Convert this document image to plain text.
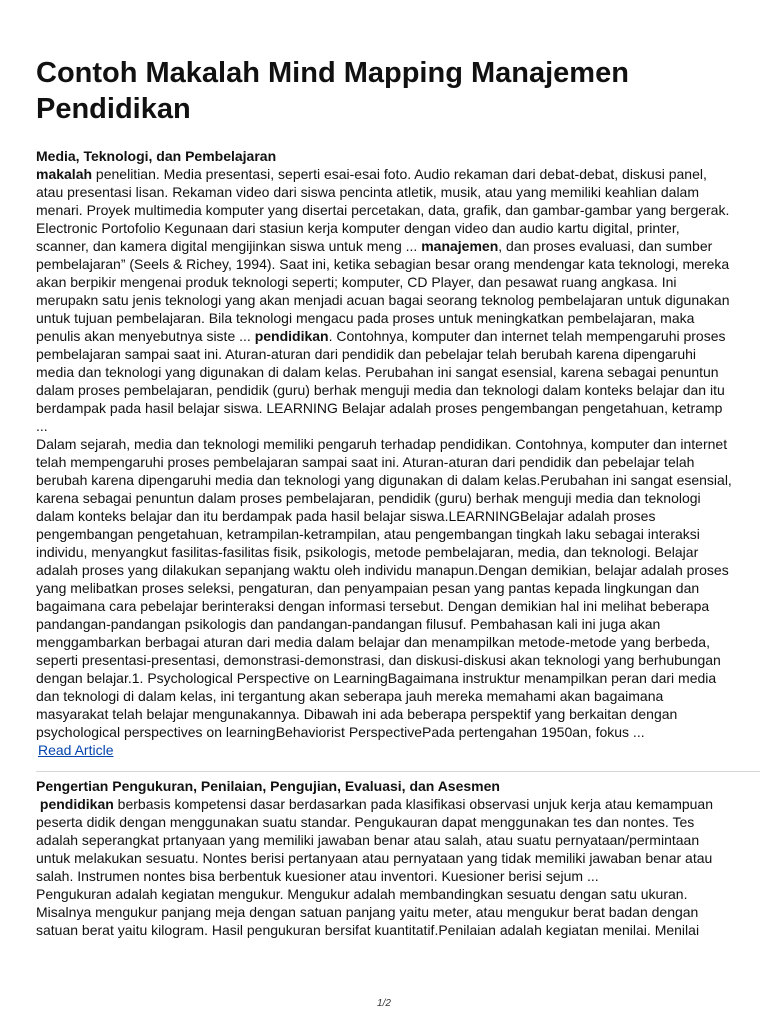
Contoh Makalah Mind Mapping Manajemen Pendidikan

Media, Teknologi, dan Pembelajaran

makalah penelitian. Media presentasi, seperti esai-esai foto. Audio rekaman dari debat-debat, diskusi panel, atau presentasi lisan. Rekaman video dari siswa pencinta atletik, musik, atau yang memiliki keahlian dalam menari. Proyek multimedia komputer yang disertai percetakan, data, grafik, dan gambar-gambar yang bergerak. Electronic Portofolio Kegunaan dari stasiun kerja komputer dengan video dan audio kartu digital, printer, scanner, dan kamera digital mengijinkan siswa untuk meng ... manajemen, dan proses evaluasi, dan sumber pembelajaran” (Seels & Richey, 1994). Saat ini, ketika sebagian besar orang mendengar kata teknologi, mereka akan berpikir mengenai produk teknologi seperti; komputer, CD Player, dan pesawat ruang angkasa. Ini merupakn satu jenis teknologi yang akan menjadi acuan bagai seorang teknolog pembelajaran untuk digunakan untuk tujuan pembelajaran. Bila teknologi mengacu pada proses untuk meningkatkan pembelajaran, maka penulis akan menyebutnya siste ... pendidikan. Contohnya, komputer dan internet telah mempengaruhi proses pembelajaran sampai saat ini. Aturan-aturan dari pendidik dan pebelajar telah berubah karena dipengaruhi media dan teknologi yang digunakan di dalam kelas. Perubahan ini sangat esensial, karena sebagai penuntun dalam proses pembelajaran, pendidik (guru) berhak menguji media dan teknologi dalam konteks belajar dan itu berdampak pada hasil belajar siswa. LEARNING Belajar adalah proses pengembangan pengetahuan, ketramp ...

Dalam sejarah, media dan teknologi memiliki pengaruh terhadap pendidikan. Contohnya, komputer dan internet telah mempengaruhi proses pembelajaran sampai saat ini. Aturan-aturan dari pendidik dan pebelajar telah berubah karena dipengaruhi media dan teknologi yang digunakan di dalam kelas.Perubahan ini sangat esensial, karena sebagai penuntun dalam proses pembelajaran, pendidik (guru) berhak menguji media dan teknologi dalam konteks belajar dan itu berdampak pada hasil belajar siswa.LEARNINGBelajar adalah proses pengembangan pengetahuan, ketrampilan-ketrampilan, atau pengembangan tingkah laku sebagai interaksi individu, menyangkut fasilitas-fasilitas fisik, psikologis, metode pembelajaran, media, dan teknologi. Belajar adalah proses yang dilakukan sepanjang waktu oleh individu manapun.Dengan demikian, belajar adalah proses yang melibatkan proses seleksi, pengaturan, dan penyampaian pesan yang pantas kepada lingkungan dan bagaimana cara pebelajar berinteraksi dengan informasi tersebut. Dengan demikian hal ini melihat beberapa pandangan-pandangan psikologis dan pandangan-pandangan filusuf. Pembahasan kali ini juga akan menggambarkan berbagai aturan dari media dalam belajar dan menampilkan metode-metode yang berbeda, seperti presentasi-presentasi, demonstrasi-demonstrasi, dan diskusi-diskusi akan teknologi yang berhubungan dengan belajar.1. Psychological Perspective on LearningBagaimana instruktur menampilkan peran dari media dan teknologi di dalam kelas, ini tergantung akan seberapa jauh mereka memahami akan bagaimana masyarakat telah belajar mengunakannya. Dibawah ini ada beberapa perspektif yang berkaitan dengan psychological perspectives on learningBehaviorist PerspectivePada pertengahan 1950an, fokus ...

Read Article

Pengertian Pengukuran, Penilaian, Pengujian, Evaluasi, dan Asesmen

pendidikan berbasis kompetensi dasar berdasarkan pada klasifikasi observasi unjuk kerja atau kemampuan peserta didik dengan menggunakan suatu standar. Pengukauran dapat menggunakan tes dan nontes. Tes adalah seperangkat prtanyaan yang memiliki jawaban benar atau salah, atau suatu pernyataan/permintaan untuk melakukan sesuatu. Nontes berisi pertanyaan atau pernyataan yang tidak memiliki jawaban benar atau salah. Instrumen nontes bisa berbentuk kuesioner atau inventori. Kuesioner berisi sejum ...

Pengukuran adalah kegiatan mengukur. Mengukur adalah membandingkan sesuatu dengan satu ukuran. Misalnya mengukur panjang meja dengan satuan panjang yaitu meter, atau mengukur berat badan dengan satuan berat yaitu kilogram. Hasil pengukuran bersifat kuantitatif.Penilaian adalah kegiatan menilai. Menilai

1/2
